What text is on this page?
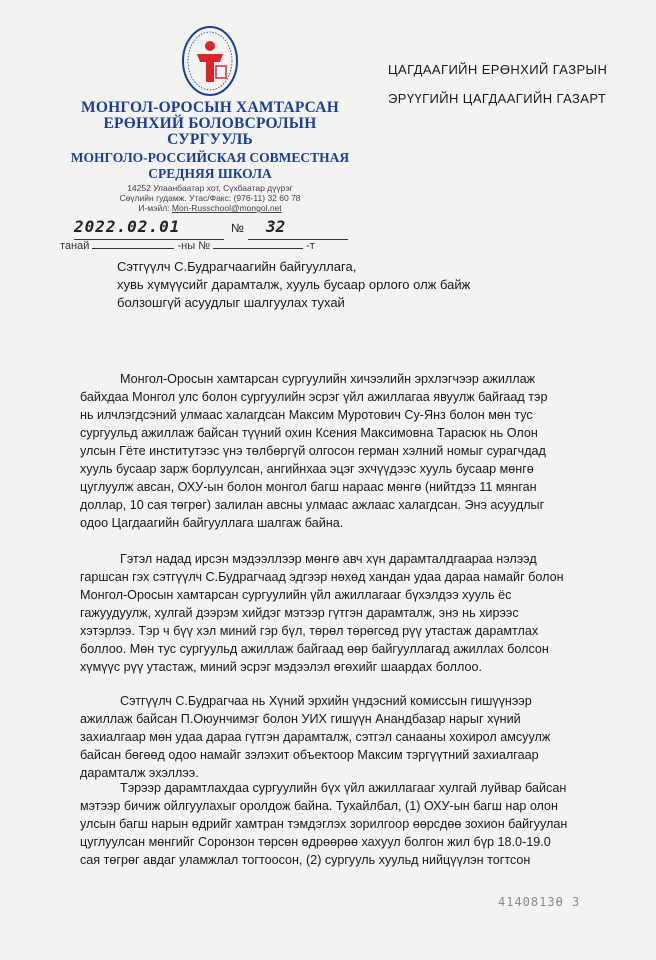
МОНГОЛ-ОРОСЫН ХАМТАРСАН
ЕРӨНХИЙ БОЛОВСРОЛЫН
СУРГУУЛЬ
МОНГОЛО-РОССИЙСКАЯ СОВМЕСТНАЯ
СРЕДНЯЯ ШКОЛА
14252 Улаанбаатар хот, Сүхбаатар дүүрэг
Сөүлийн гудамж. Утас/Факс: (976-11) 32 60 78
И-мэйл: Mon-Russchool@mongol.net
ЦАГДААГИЙН ЕРӨНХИЙ ГАЗРЫН
ЭРҮҮГИЙН ЦАГДААГИЙН ГАЗАРТ
2022.02.01	№ 32
танай	-ны №	-т
Сэтгүүлч С.Будрагчаагийн байгууллага,
хувь хүмүүсийг дарамталж, хууль бусаар орлого олж байж
болзошгүй асуудлыг шалгуулах тухай
Монгол-Оросын хамтарсан сургуулийн хичээлийн эрхлэгчээр ажиллаж
байхдаа Монгол улс болон сургуулийн эсрэг үйл ажиллагаа явуулж байгаад тэр
нь илчлэгдсэний улмаас халагдсан Максим Муротович Су-Янз болон мөн тус
сургуульд ажиллаж байсан түүний охин Ксения Максимовна Тарасюк нь Олон
улсын Гёте институтээс үнэ төлбөргүй олгосон герман хэлний номыг сурагчдад
хууль бусаар зарж борлуулсан, ангийнхаа эцэг эхчүүдээс хууль бусаар мөнгө
цуглуулж авсан, ОХУ-ын болон монгол багш нараас мөнгө (нийтдээ 11 мянган
доллар, 10 сая төгрөг) залилан авсны улмаас ажлаас халагдсан. Энэ асуудлыг
одоо Цагдаагийн байгууллага шалгаж байна.
Гэтэл надад ирсэн мэдээллээр мөнгө авч хүн дарамталдгаараа нэлээд
гаршсан гэх сэтгүүлч С.Будрагчаад эдгээр нөхөд хандан удаа дараа намайг болон
Монгол-Оросын хамтарсан сургуулийн үйл ажиллагааг бүхэлдээ хууль ёс
гажуудуулж, хулгай дээрэм хийдэг мэтээр гүтгэн дарамталж, энэ нь хирээс
хэтэрлээ. Тэр ч бүү хэл миний гэр бүл, төрөл төрөгсөд рүү утастаж дарамтлах
боллоо. Мөн тус сургуульд ажиллаж байгаад өөр байгууллагад ажиллах болсон
хүмүүс рүү утастаж, миний эсрэг мэдээлэл өгөхийг шаардах боллоо.
Сэтгүүлч С.Будрагчаа нь Хүний эрхийн үндэсний комиссын гишүүнээр
ажиллаж байсан П.Оюунчимэг болон УИХ гишүүн Анандбазар нарыг хүний
захиалгаар мөн удаа дараа гүтгэн дарамталж, сэтгэл санааны хохирол амсуулж
байсан бөгөөд одоо намайг зэлэхит объектоор Максим тэргүүтний захиалгаар
дарамталж эхэллээ.
Тэрээр дарамтлахдаа сургуулийн бүх үйл ажиллагааг хулгай луйвар байсан
мэтээр бичиж ойлгуулахыг оролдож байна. Тухайлбал, (1) ОХУ-ын багш нар олон
улсын багш нарын өдрийг хамтран тэмдэглэх зорилгоор өөрсдөө зохион байгуулан
цуглуулсан мөнгийг Соронзон төрсөн өдрөөрөө хахуул болгон жил бүр 18.0-19.0
сая төгрөг авдаг уламжлал тогтоосон, (2) сургууль хуульд нийцүүлэн тогтсон
4140813Ɵ 3
